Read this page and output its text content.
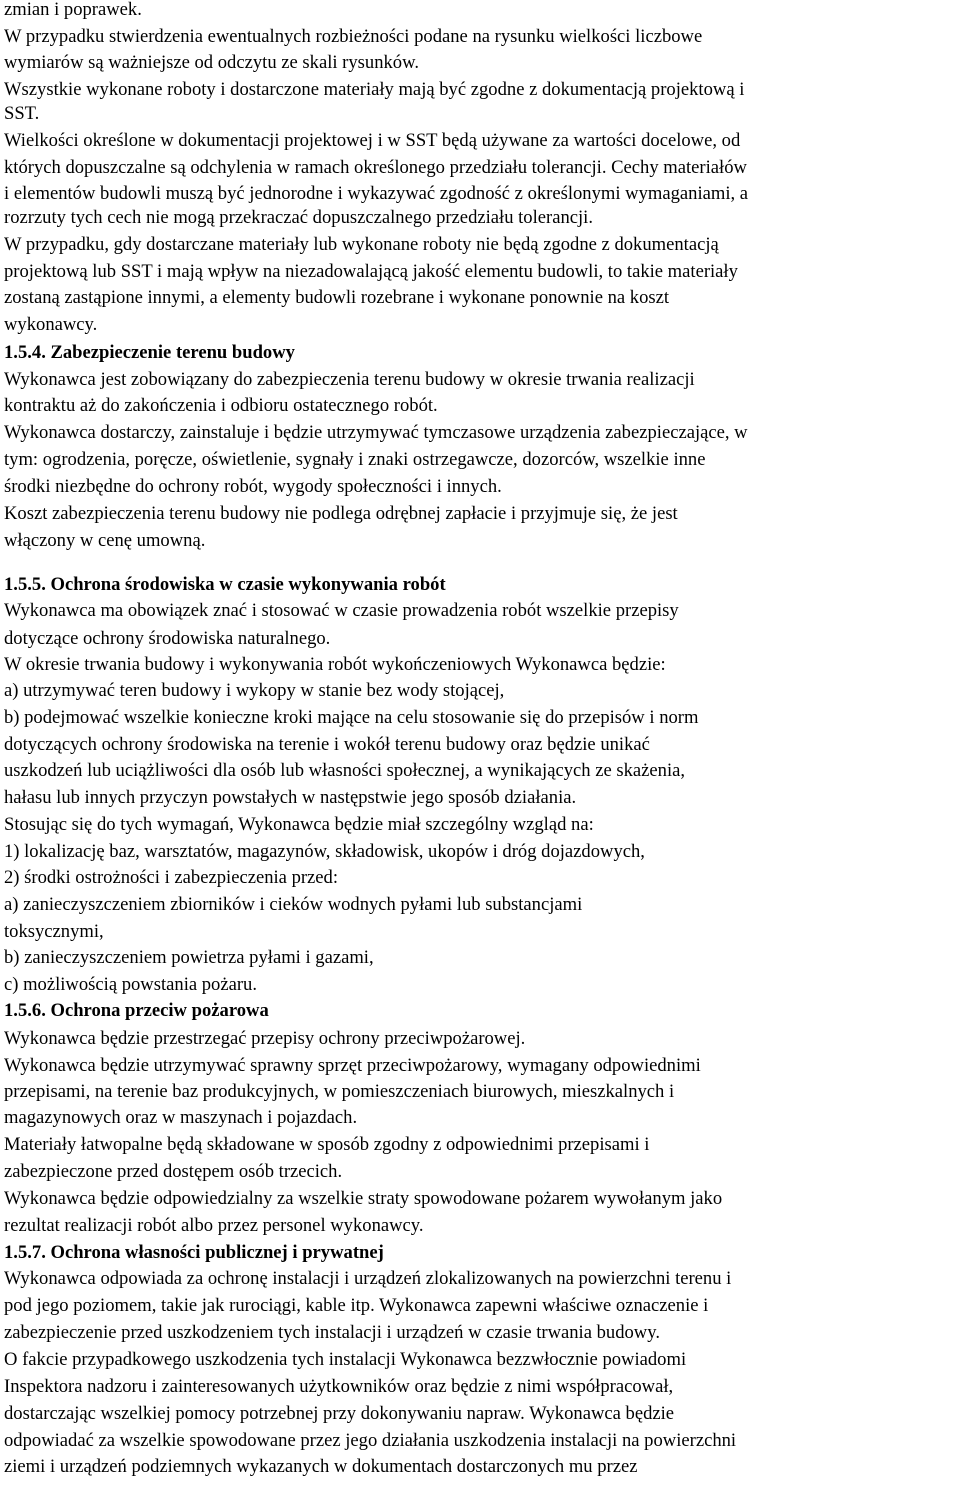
zmian i poprawek.
W przypadku stwierdzenia ewentualnych rozbieżności podane na rysunku wielkości liczbowe
wymiarów są ważniejsze od odczytu ze skali rysunków.
Wszystkie wykonane roboty i dostarczone materiały mają być zgodne z dokumentacją projektową i
SST.
Wielkości określone w dokumentacji projektowej i w SST będą używane za wartości docelowe, od
których dopuszczalne są odchylenia w ramach określonego przedziału tolerancji. Cechy materiałów
i elementów budowli muszą być jednorodne i wykazywać zgodność z określonymi wymaganiami, a
rozrzuty tych cech nie mogą przekraczać dopuszczalnego przedziału tolerancji.
W przypadku, gdy dostarczane materiały lub wykonane roboty nie będą zgodne z dokumentacją
projektową lub SST i mają wpływ na niezadowalającą jakość elementu budowli, to takie materiały
zostaną zastąpione innymi, a elementy budowli rozebrane i wykonane ponownie na koszt
wykonawcy.
1.5.4. Zabezpieczenie terenu budowy
Wykonawca jest zobowiązany do zabezpieczenia terenu budowy w okresie trwania realizacji
kontraktu aż do zakończenia i odbioru ostatecznego robót.
Wykonawca dostarczy, zainstaluje i będzie utrzymywać tymczasowe urządzenia zabezpieczające, w
tym: ogrodzenia, poręcze, oświetlenie, sygnały i znaki ostrzegawcze, dozorców, wszelkie inne
środki niezbędne do ochrony robót, wygody społeczności i innych.
Koszt zabezpieczenia terenu budowy nie podlega odrębnej zapłacie i przyjmuje się, że jest
włączony w cenę umowną.
1.5.5. Ochrona środowiska w czasie wykonywania robót
Wykonawca ma obowiązek znać i stosować w czasie prowadzenia robót wszelkie przepisy
dotyczące ochrony środowiska naturalnego.
W okresie trwania budowy i wykonywania robót wykończeniowych Wykonawca będzie:
a) utrzymywać teren budowy i wykopy w stanie bez wody stojącej,
b) podejmować wszelkie konieczne kroki mające na celu stosowanie się do przepisów i norm
dotyczących ochrony środowiska na terenie i wokół terenu budowy oraz będzie unikać
uszkodzeń lub uciążliwości dla osób lub własności społecznej, a wynikających ze skażenia,
hałasu lub innych przyczyn powstałych w następstwie jego sposób działania.
Stosując się do tych wymagań, Wykonawca będzie miał szczególny wzgląd na:
1) lokalizację baz, warsztatów, magazynów, składowisk, ukopów i dróg dojazdowych,
2) środki ostrożności i zabezpieczenia przed:
a) zanieczyszczeniem zbiorników i cieków wodnych pyłami lub substancjami
toksycznymi,
b) zanieczyszczeniem powietrza pyłami i gazami,
c) możliwością powstania pożaru.
1.5.6. Ochrona przeciw pożarowa
Wykonawca będzie przestrzegać przepisy ochrony przeciwpożarowej.
Wykonawca będzie utrzymywać sprawny sprzęt przeciwpożarowy, wymagany odpowiednimi
przepisami, na terenie baz produkcyjnych, w pomieszczeniach biurowych, mieszkalnych i
magazynowych oraz w maszynach i pojazdach.
Materiały łatwopalne będą składowane w sposób zgodny z odpowiednimi przepisami i
zabezpieczone przed dostępem osób trzecich.
Wykonawca będzie odpowiedzialny za wszelkie straty spowodowane pożarem wywołanym jako
rezultat realizacji robót albo przez personel wykonawcy.
1.5.7. Ochrona własności publicznej i prywatnej
Wykonawca odpowiada za ochronę instalacji i urządzeń zlokalizowanych na powierzchni terenu i
pod jego poziomem, takie jak rurociągi, kable itp. Wykonawca zapewni właściwe oznaczenie i
zabezpieczenie przed uszkodzeniem tych instalacji i urządzeń w czasie trwania budowy.
O fakcie przypadkowego uszkodzenia tych instalacji Wykonawca bezzwłocznie powiadomi
Inspektora nadzoru i zainteresowanych użytkowników oraz będzie z nimi współpracował,
dostarczając wszelkiej pomocy potrzebnej przy dokonywaniu napraw. Wykonawca będzie
odpowiadać za wszelkie spowodowane przez jego działania uszkodzenia instalacji na powierzchni
ziemi i urządzeń podziemnych wykazanych w dokumentach dostarczonych mu przez
